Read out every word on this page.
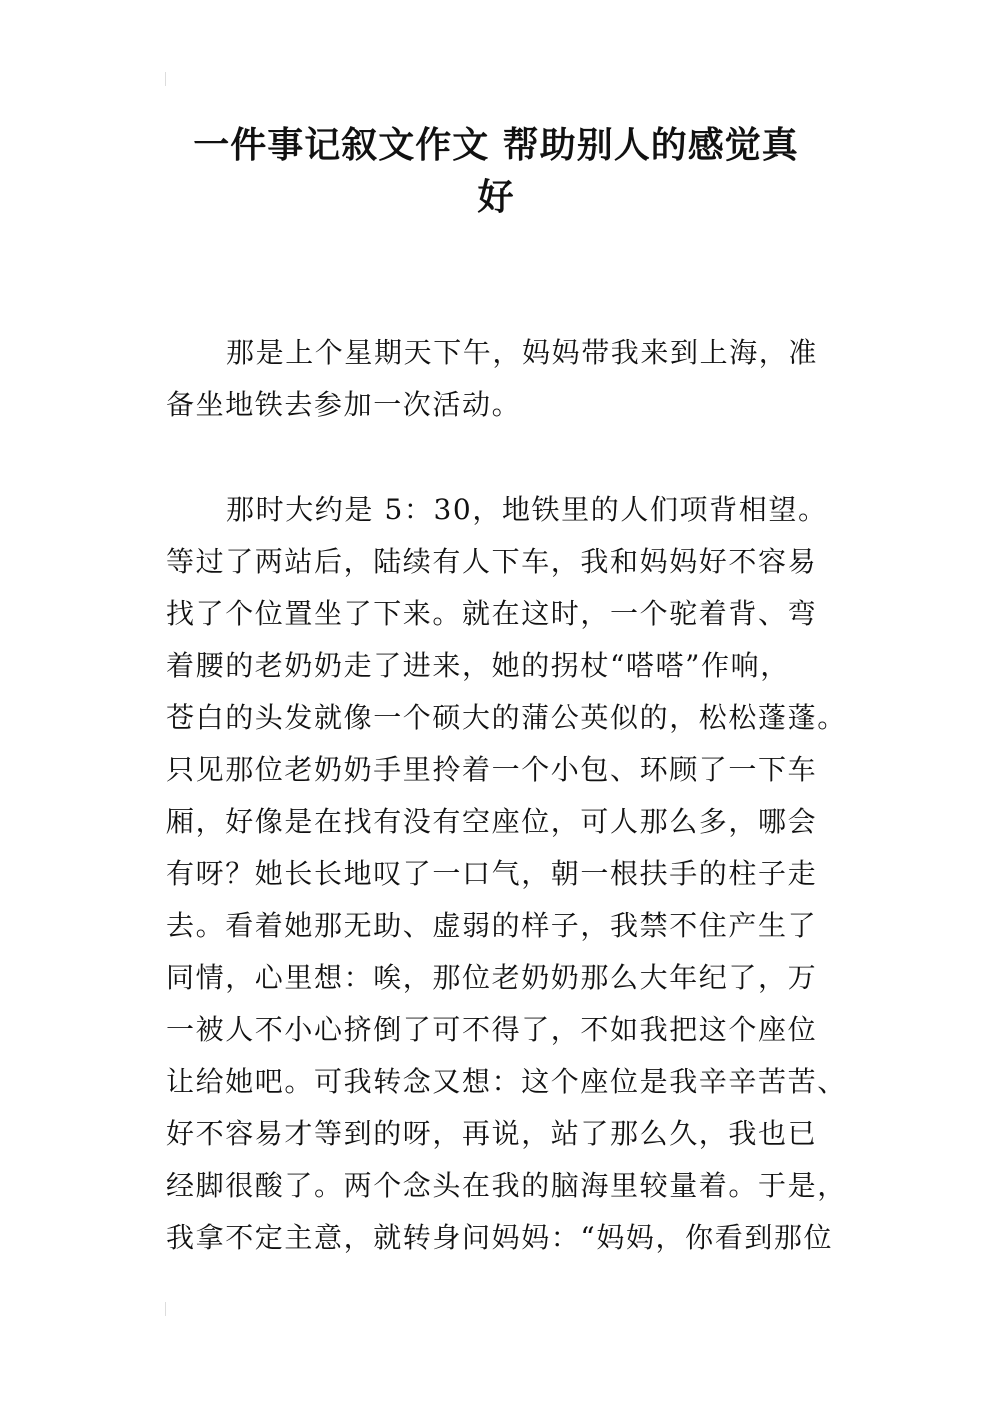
一件事记叙文作文 帮助别人的感觉真
好
那是上个星期天下午，妈妈带我来到上海，准
备坐地铁去参加一次活动。
那时大约是 5：30，地铁里的人们项背相望。
等过了两站后，陆续有人下车，我和妈妈好不容易
找了个位置坐了下来。就在这时，一个驼着背、弯
着腰的老奶奶走了进来，她的拐杖“嗒嗒”作响，
苍白的头发就像一个硕大的蒲公英似的，松松蓬蓬。
只见那位老奶奶手里拎着一个小包、环顾了一下车
厢，好像是在找有没有空座位，可人那么多，哪会
有呀？她长长地叹了一口气，朝一根扶手的柱子走
去。看着她那无助、虚弱的样子，我禁不住产生了
同情，心里想：唉，那位老奶奶那么大年纪了，万
一被人不小心挤倒了可不得了，不如我把这个座位
让给她吧。可我转念又想：这个座位是我辛辛苦苦、
好不容易才等到的呀，再说，站了那么久，我也已
经脚很酸了。两个念头在我的脑海里较量着。于是，
我拿不定主意，就转身问妈妈：“妈妈，你看到那位
